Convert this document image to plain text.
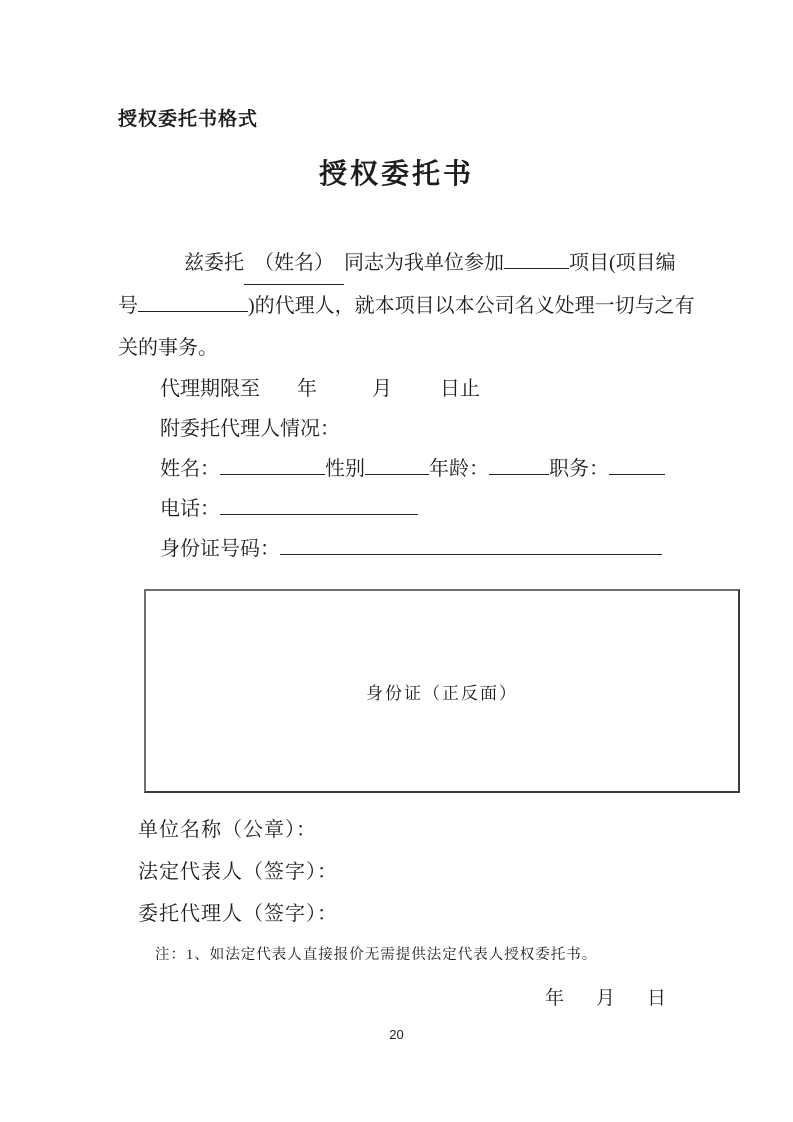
授权委托书格式
授权委托书
兹委托 （姓名） 同志为我单位参加	项目(项目编
号	)的代理人，就本项目以本公司名义处理一切与之有
关的事务。
代理期限至 年	月 日止
附委托代理人情况：
姓名：	性别	年龄：	职务：
电话：
身份证号码：
身份证（正反面）
单位名称（公章）：
法定代表人（签字）：
委托代理人（签字）：
注：1、如法定代表人直接报价无需提供法定代表人授权委托书。
年 月 日
20
